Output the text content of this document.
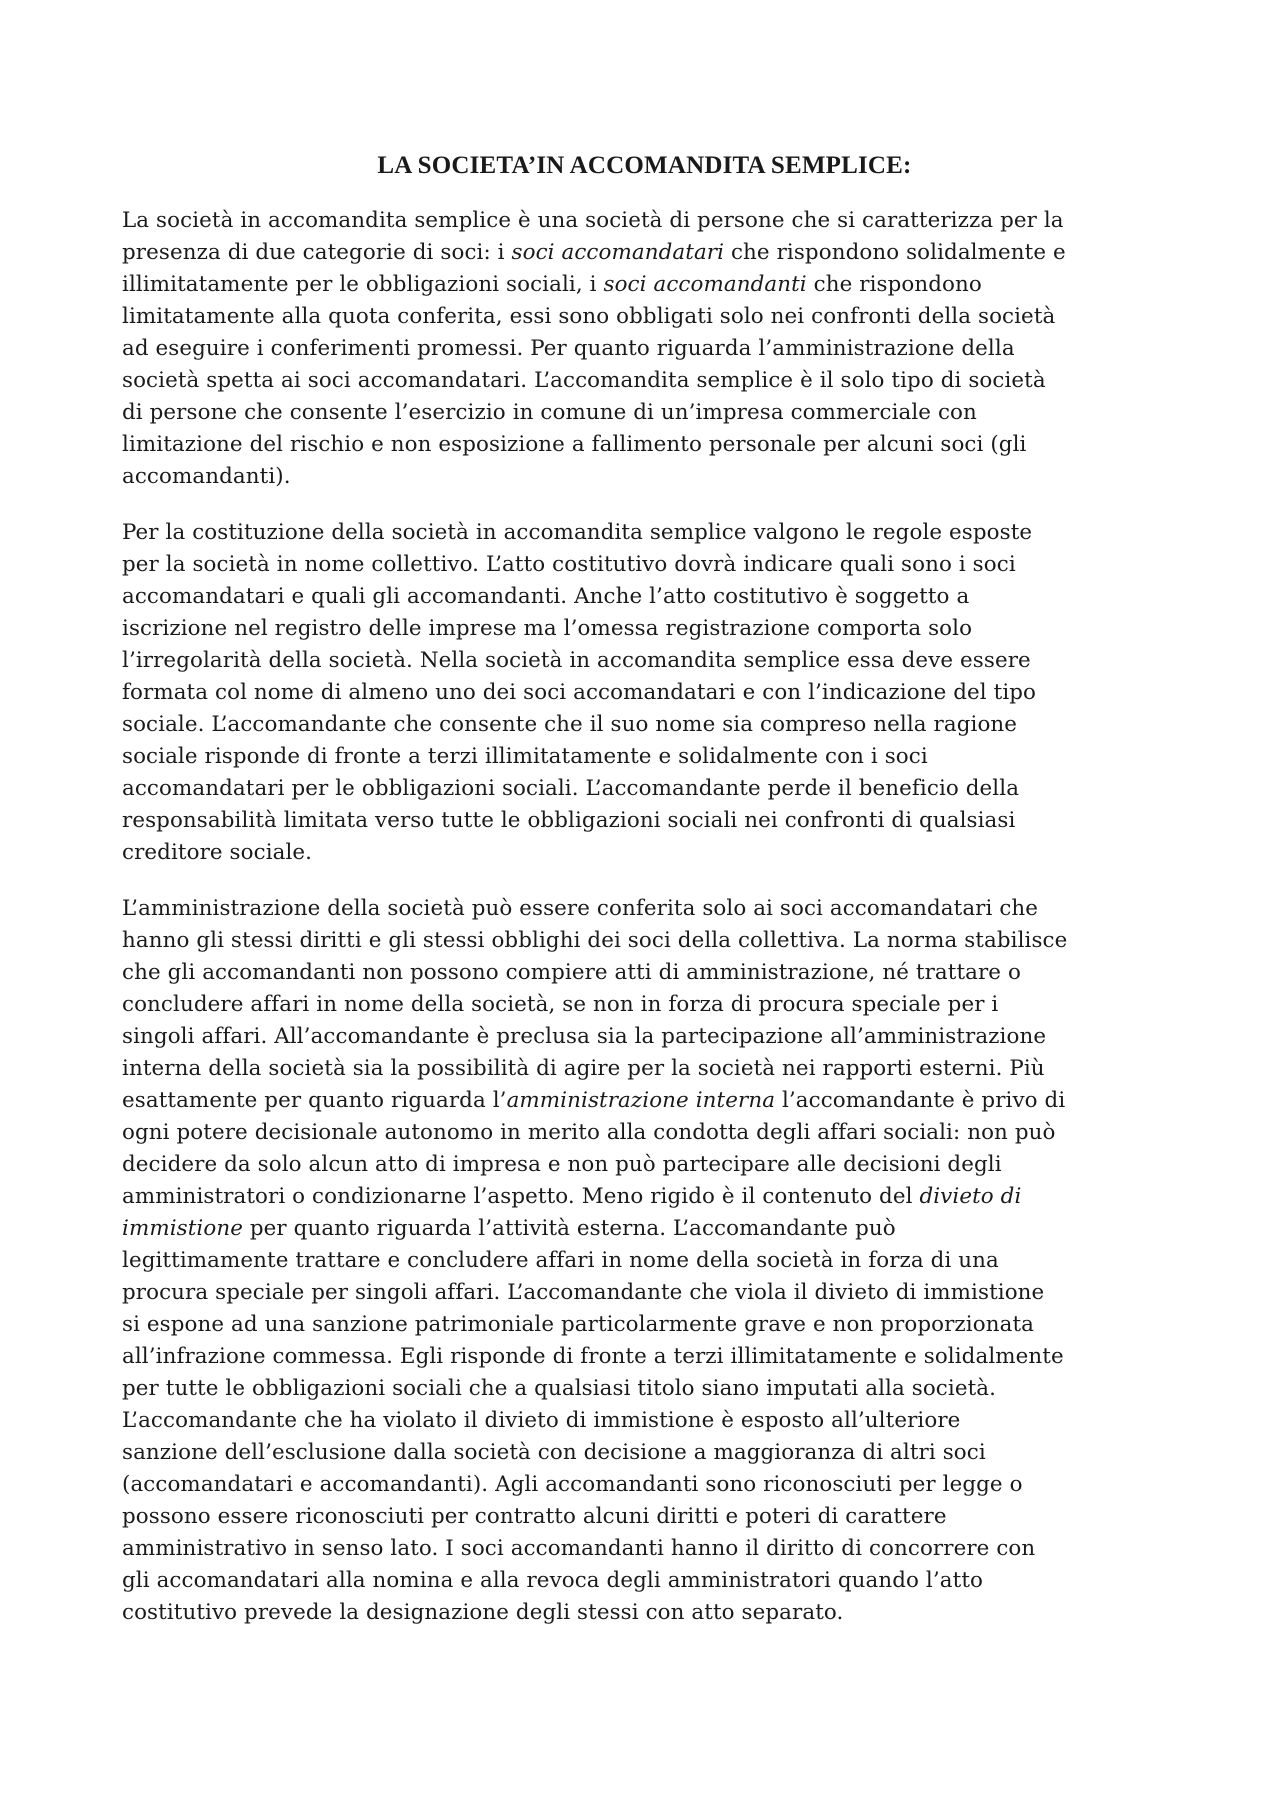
LA SOCIETA’IN ACCOMANDITA SEMPLICE:

La società in accomandita semplice è una società di persone che si caratterizza per la
presenza di due categorie di soci: i soci accomandatari che rispondono solidalmente e
illimitatamente per le obbligazioni sociali, i soci accomandanti che rispondono
limitatamente alla quota conferita, essi sono obbligati solo nei confronti della società
ad eseguire i conferimenti promessi. Per quanto riguarda l’amministrazione della
società spetta ai soci accomandatari. L’accomandita semplice è il solo tipo di società
di persone che consente l’esercizio in comune di un’impresa commerciale con
limitazione del rischio e non esposizione a fallimento personale per alcuni soci (gli
accomandanti).

Per la costituzione della società in accomandita semplice valgono le regole esposte
per la società in nome collettivo. L’atto costitutivo dovrà indicare quali sono i soci
accomandatari e quali gli accomandanti. Anche l’atto costitutivo è soggetto a
iscrizione nel registro delle imprese ma l’omessa registrazione comporta solo
l’irregolarità della società. Nella società in accomandita semplice essa deve essere
formata col nome di almeno uno dei soci accomandatari e con l’indicazione del tipo
sociale. L’accomandante che consente che il suo nome sia compreso nella ragione
sociale risponde di fronte a terzi illimitatamente e solidalmente con i soci
accomandatari per le obbligazioni sociali. L’accomandante perde il beneficio della
responsabilità limitata verso tutte le obbligazioni sociali nei confronti di qualsiasi
creditore sociale.

L’amministrazione della società può essere conferita solo ai soci accomandatari che
hanno gli stessi diritti e gli stessi obblighi dei soci della collettiva. La norma stabilisce
che gli accomandanti non possono compiere atti di amministrazione, né trattare o
concludere affari in nome della società, se non in forza di procura speciale per i
singoli affari. All’accomandante è preclusa sia la partecipazione all’amministrazione
interna della società sia la possibilità di agire per la società nei rapporti esterni. Più
esattamente per quanto riguarda l’amministrazione interna l’accomandante è privo di
ogni potere decisionale autonomo in merito alla condotta degli affari sociali: non può
decidere da solo alcun atto di impresa e non può partecipare alle decisioni degli
amministratori o condizionarne l’aspetto. Meno rigido è il contenuto del divieto di
immistione per quanto riguarda l’attività esterna. L’accomandante può
legittimamente trattare e concludere affari in nome della società in forza di una
procura speciale per singoli affari. L’accomandante che viola il divieto di immistione
si espone ad una sanzione patrimoniale particolarmente grave e non proporzionata
all’infrazione commessa. Egli risponde di fronte a terzi illimitatamente e solidalmente
per tutte le obbligazioni sociali che a qualsiasi titolo siano imputati alla società.
L’accomandante che ha violato il divieto di immistione è esposto all’ulteriore
sanzione dell’esclusione dalla società con decisione a maggioranza di altri soci
(accomandatari e accomandanti). Agli accomandanti sono riconosciuti per legge o
possono essere riconosciuti per contratto alcuni diritti e poteri di carattere
amministrativo in senso lato. I soci accomandanti hanno il diritto di concorrere con
gli accomandatari alla nomina e alla revoca degli amministratori quando l’atto
costitutivo prevede la designazione degli stessi con atto separato.
